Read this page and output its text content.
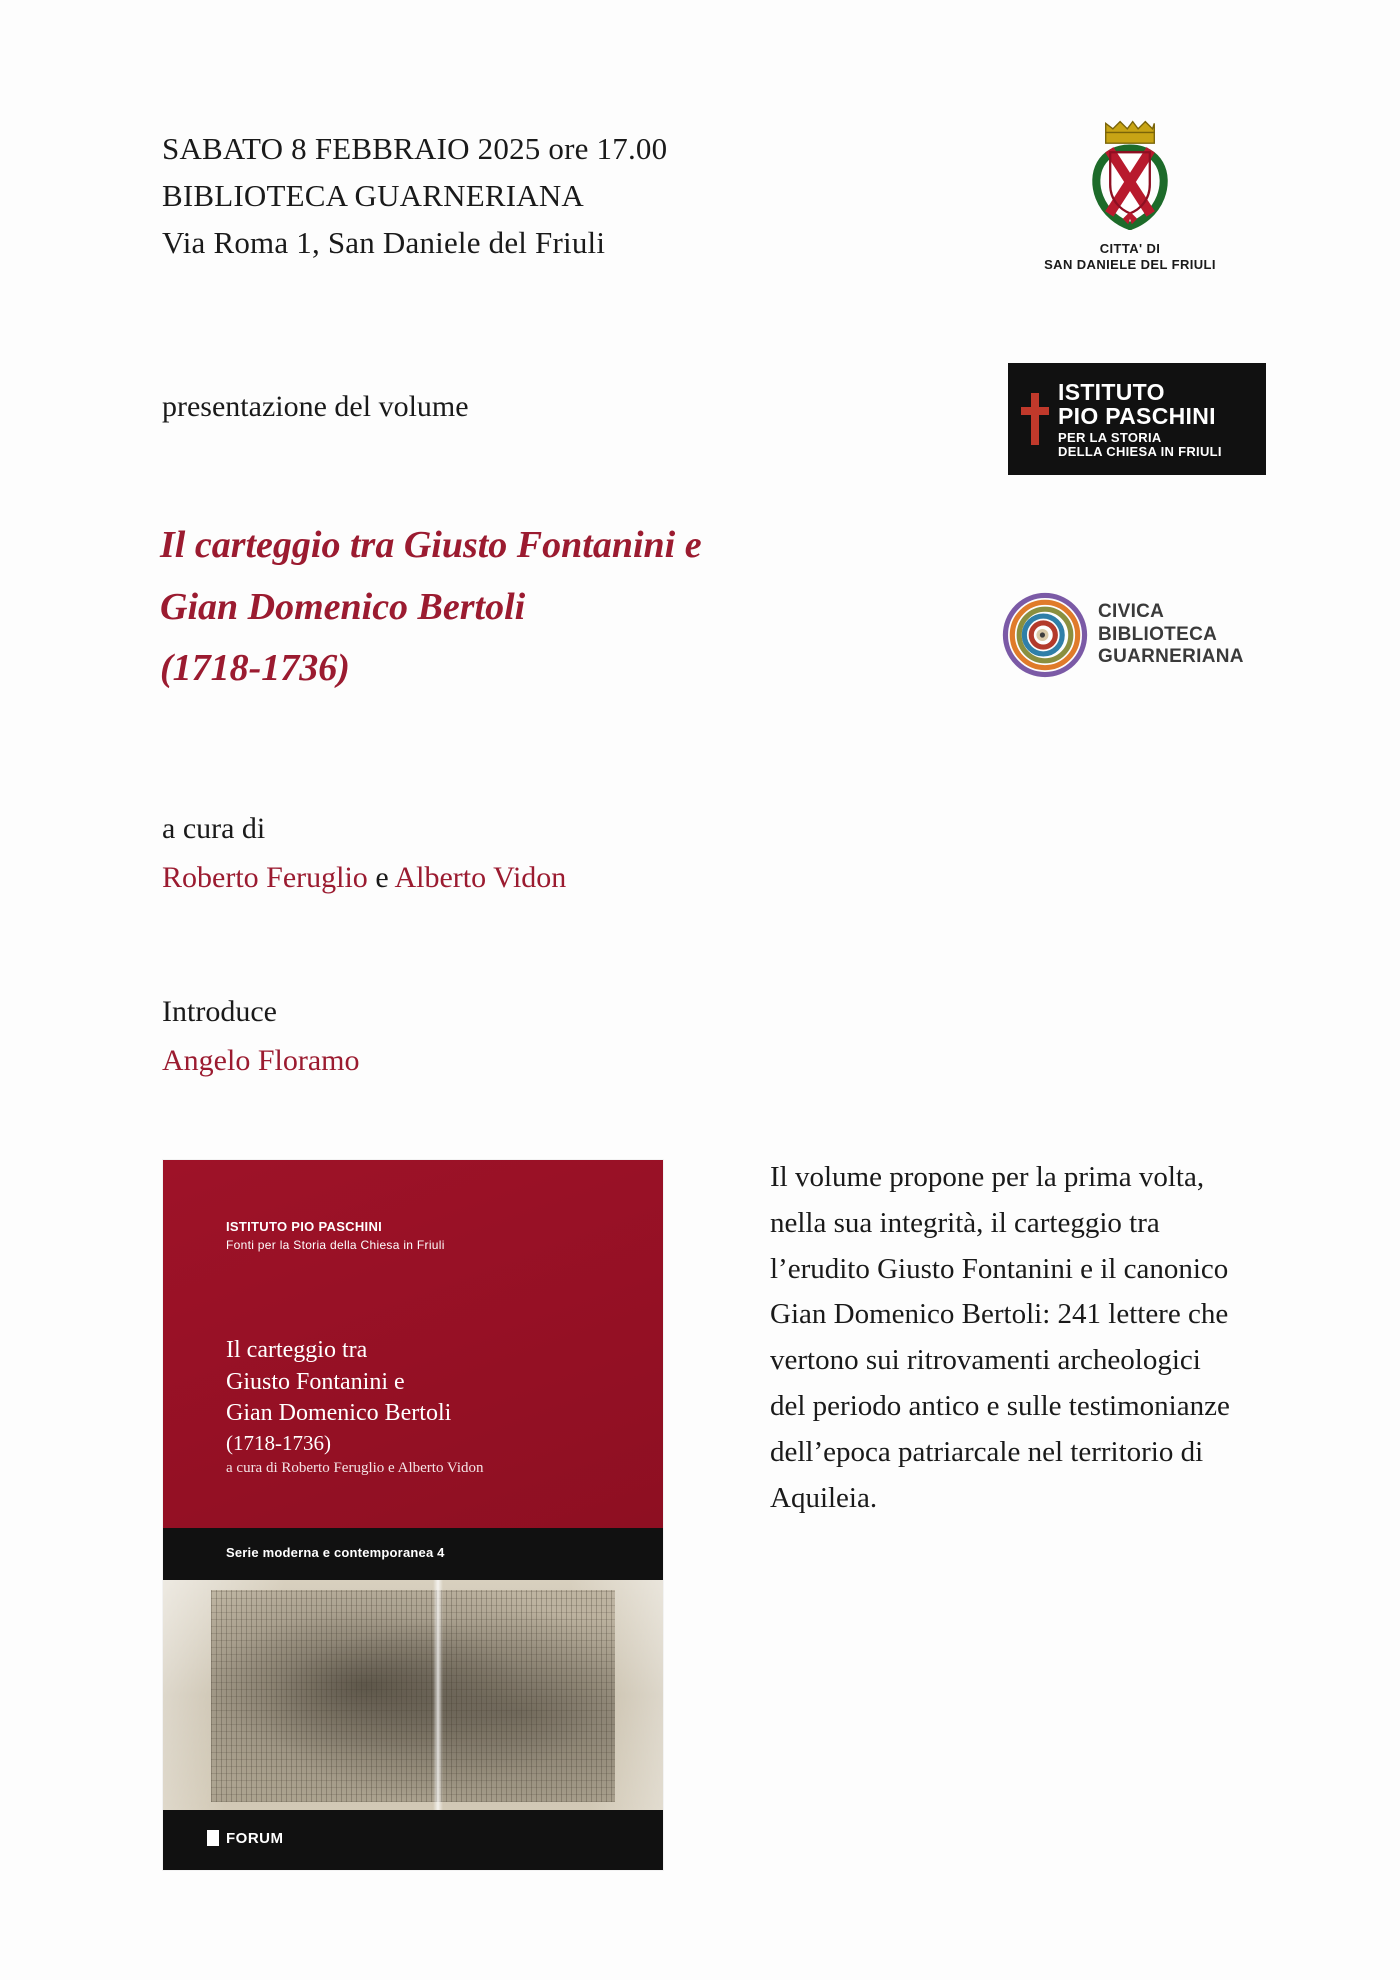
SABATO 8 FEBBRAIO 2025 ore 17.00
BIBLIOTECA GUARNERIANA
Via Roma 1, San Daniele del Friuli
presentazione del volume
Il carteggio tra Giusto Fontanini e
Gian Domenico Bertoli
(1718-1736)
a cura di
Roberto Feruglio e Alberto Vidon
Introduce
Angelo Floramo
CITTA' DI
SAN DANIELE DEL FRIULI
ISTITUTO
PIO PASCHINI
PER LA STORIA
DELLA CHIESA IN FRIULI
CIVICA
BIBLIOTECA
GUARNERIANA
ISTITUTO PIO PASCHINI
Fonti per la Storia della Chiesa in Friuli
Il carteggio tra
Giusto Fontanini e
Gian Domenico Bertoli
(1718-1736)
a cura di Roberto Feruglio e Alberto Vidon
Serie moderna e contemporanea 4
FORUM
Il volume propone per la prima volta, nella sua integrità, il carteggio tra l’erudito Giusto Fontanini e il canonico Gian Domenico Bertoli: 241 lettere che vertono sui ritrovamenti archeologici del periodo antico e sulle testimonianze dell’epoca patriarcale nel territorio di Aquileia.
